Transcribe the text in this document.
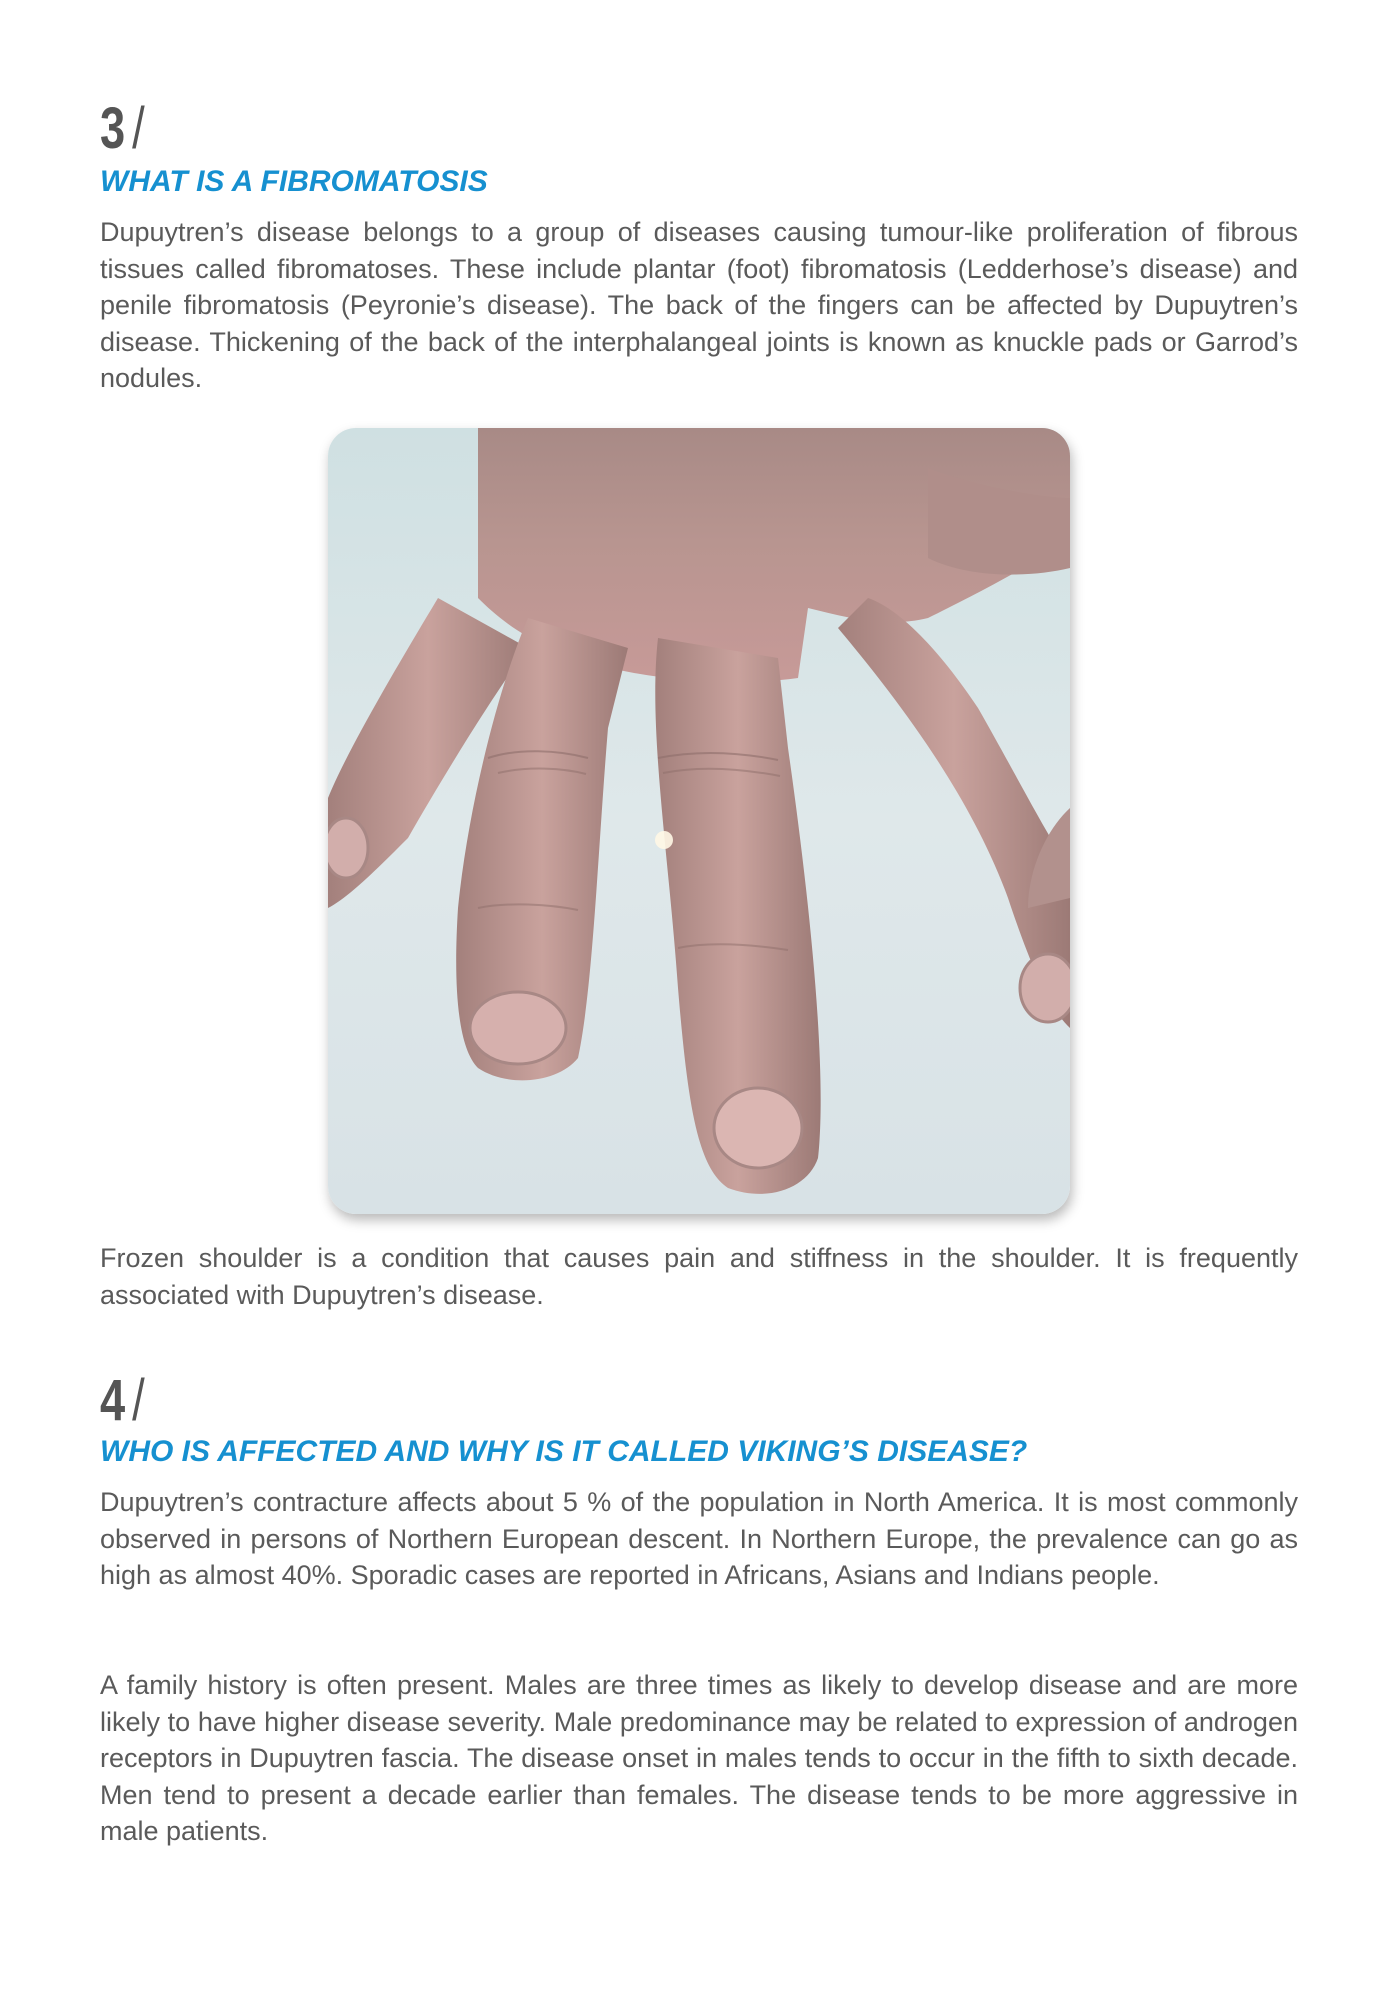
3 /
WHAT IS A FIBROMATOSIS
Dupuytren’s disease belongs to a group of diseases causing tumour-like proliferation of fibrous tissues called fibromatoses. These include plantar (foot) fibromatosis (Ledderhose’s disease) and penile fibromatosis (Peyronie’s disease). The back of the fingers can be affected by Dupuytren’s disease. Thickening of the back of the interphalangeal joints is known as knuckle pads or Garrod’s nodules.
Frozen shoulder is a condition that causes pain and stiffness in the shoulder. It is frequently associated with Dupuytren’s disease.
4 /
WHO IS AFFECTED AND WHY IS IT CALLED VIKING’S DISEASE?
Dupuytren’s contracture affects about 5 % of the population in North America. It is most commonly observed in persons of Northern European descent. In Northern Europe, the prevalence can go as high as almost 40%. Sporadic cases are reported in Africans, Asians and Indians people.
A family history is often present. Males are three times as likely to develop disease and are more likely to have higher disease severity. Male predominance may be related to expression of androgen receptors in Dupuytren fascia. The disease onset in males tends to occur in the fifth to sixth decade. Men tend to present a decade earlier than females. The disease tends to be more aggressive in male patients.
